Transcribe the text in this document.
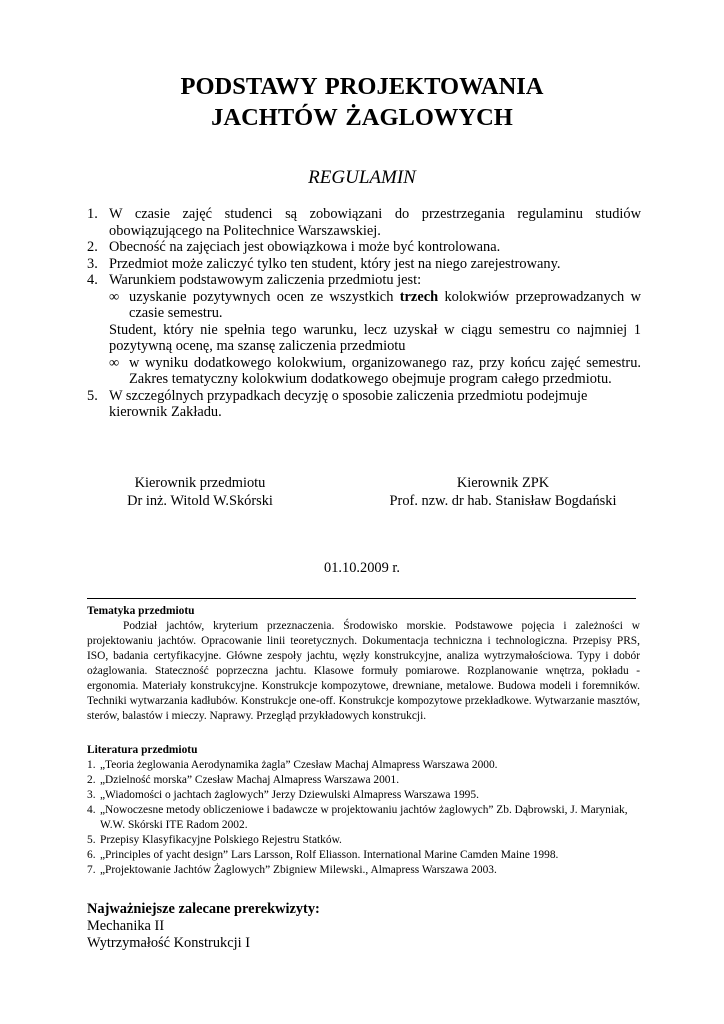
PODSTAWY PROJEKTOWANIA
JACHTÓW ŻAGLOWYCH
REGULAMIN
1. W czasie zajęć studenci są zobowiązani do przestrzegania regulaminu studiów obowiązującego na Politechnice Warszawskiej.
2. Obecność na zajęciach jest obowiązkowa i może być kontrolowana.
3. Przedmiot może zaliczyć tylko ten student, który jest na niego zarejestrowany.
4. Warunkiem podstawowym zaliczenia przedmiotu jest:
∞ uzyskanie pozytywnych ocen ze wszystkich trzech kolokwiów przeprowadzanych w czasie semestru.
Student, który nie spełnia tego warunku, lecz uzyskał w ciągu semestru co najmniej 1 pozytywną ocenę, ma szansę zaliczenia przedmiotu
∞ w wyniku dodatkowego kolokwium, organizowanego raz, przy końcu zajęć semestru. Zakres tematyczny kolokwium dodatkowego obejmuje program całego przedmiotu.
5. W szczególnych przypadkach decyzję o sposobie zaliczenia przedmiotu podejmuje kierownik Zakładu.
Kierownik przedmiotu
Dr inż. Witold W.Skórski
Kierownik ZPK
Prof. nzw. dr hab. Stanisław Bogdański
01.10.2009 r.
Tematyka przedmiotu
Podział jachtów, kryterium przeznaczenia. Środowisko morskie. Podstawowe pojęcia i zależności w projektowaniu jachtów. Opracowanie linii teoretycznych. Dokumentacja techniczna i technologiczna. Przepisy PRS, ISO, badania certyfikacyjne. Główne zespoły jachtu, węzły konstrukcyjne, analiza wytrzymałościowa. Typy i dobór ożaglowania. Stateczność poprzeczna jachtu. Klasowe formuły pomiarowe. Rozplanowanie wnętrza, pokładu - ergonomia. Materiały konstrukcyjne. Konstrukcje kompozytowe, drewniane, metalowe. Budowa modeli i foremników. Techniki wytwarzania kadłubów. Konstrukcje one-off. Konstrukcje kompozytowe przekładkowe. Wytwarzanie masztów, sterów, balastów i mieczy. Naprawy. Przegląd przykładowych konstrukcji.
Literatura przedmiotu
1. „Teoria żeglowania Aerodynamika żagla” Czesław Machaj Almapress Warszawa 2000.
2. „Dzielność morska” Czesław Machaj Almapress Warszawa 2001.
3. „Wiadomości o jachtach żaglowych” Jerzy Dziewulski Almapress Warszawa 1995.
4. „Nowoczesne metody obliczeniowe i badawcze w projektowaniu jachtów żaglowych” Zb. Dąbrowski, J. Maryniak, W.W. Skórski ITE Radom 2002.
5. Przepisy Klasyfikacyjne Polskiego Rejestru Statków.
6. „Principles of yacht design” Lars Larsson, Rolf Eliasson. International Marine Camden Maine 1998.
7. „Projektowanie Jachtów Żaglowych” Zbigniew Milewski., Almapress Warszawa 2003.
Najważniejsze zalecane prerekwizyty:
Mechanika II
Wytrzymałość Konstrukcji I
